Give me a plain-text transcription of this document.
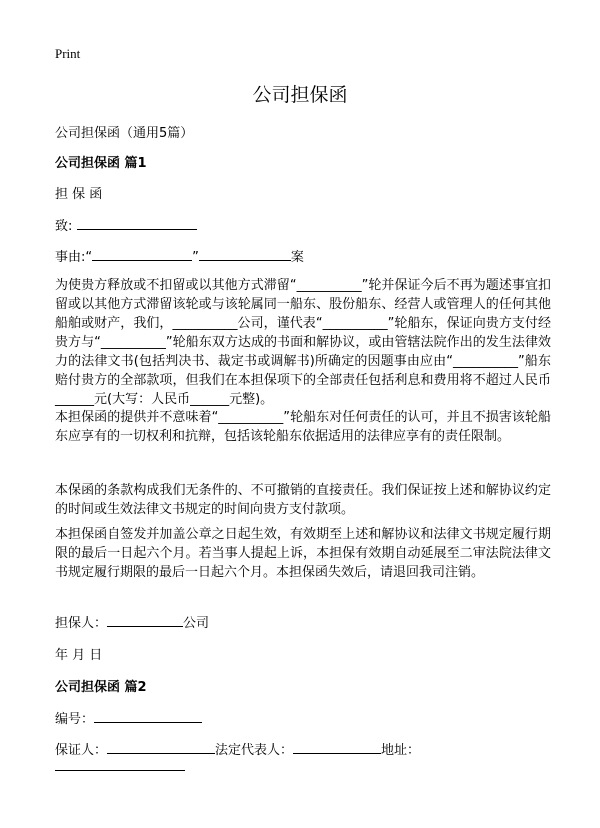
Print
公司担保函
公司担保函（通用5篇）
公司担保函 篇1
担 保 函
致:
事由:“	”	案
为使贵方释放或不扣留或以其他方式滞留“__________”轮并保证今后不再为题述事宜扣留或以其他方式滞留该轮或与该轮属同一船东、股份船东、经营人或管理人的任何其他船舶或财产，我们，__________公司，谨代表“__________”轮船东，保证向贵方支付经贵方与“__________”轮船东双方达成的书面和解协议，或由管辖法院作出的发生法律效力的法律文书(包括判决书、裁定书或调解书)所确定的因题事由应由“__________”船东赔付贵方的全部款项，但我们在本担保项下的全部责任包括利息和费用将不超过人民币______元(大写：人民币______元整)。
本担保函的提供并不意味着“__________”轮船东对任何责任的认可，并且不损害该轮船东应享有的一切权利和抗辩，包括该轮船东依据适用的法律应享有的责任限制。
本保函的条款构成我们无条件的、不可撤销的直接责任。我们保证按上述和解协议约定的时间或生效法律文书规定的时间向贵方支付款项。
本担保函自签发并加盖公章之日起生效，有效期至上述和解协议和法律文书规定履行期限的最后一日起六个月。若当事人提起上诉，本担保有效期自动延展至二审法院法律文书规定履行期限的最后一日起六个月。本担保函失效后，请退回我司注销。
担保人：	公司
年 月 日
公司担保函 篇2
编号：
保证人：	法定代表人：	地址：
